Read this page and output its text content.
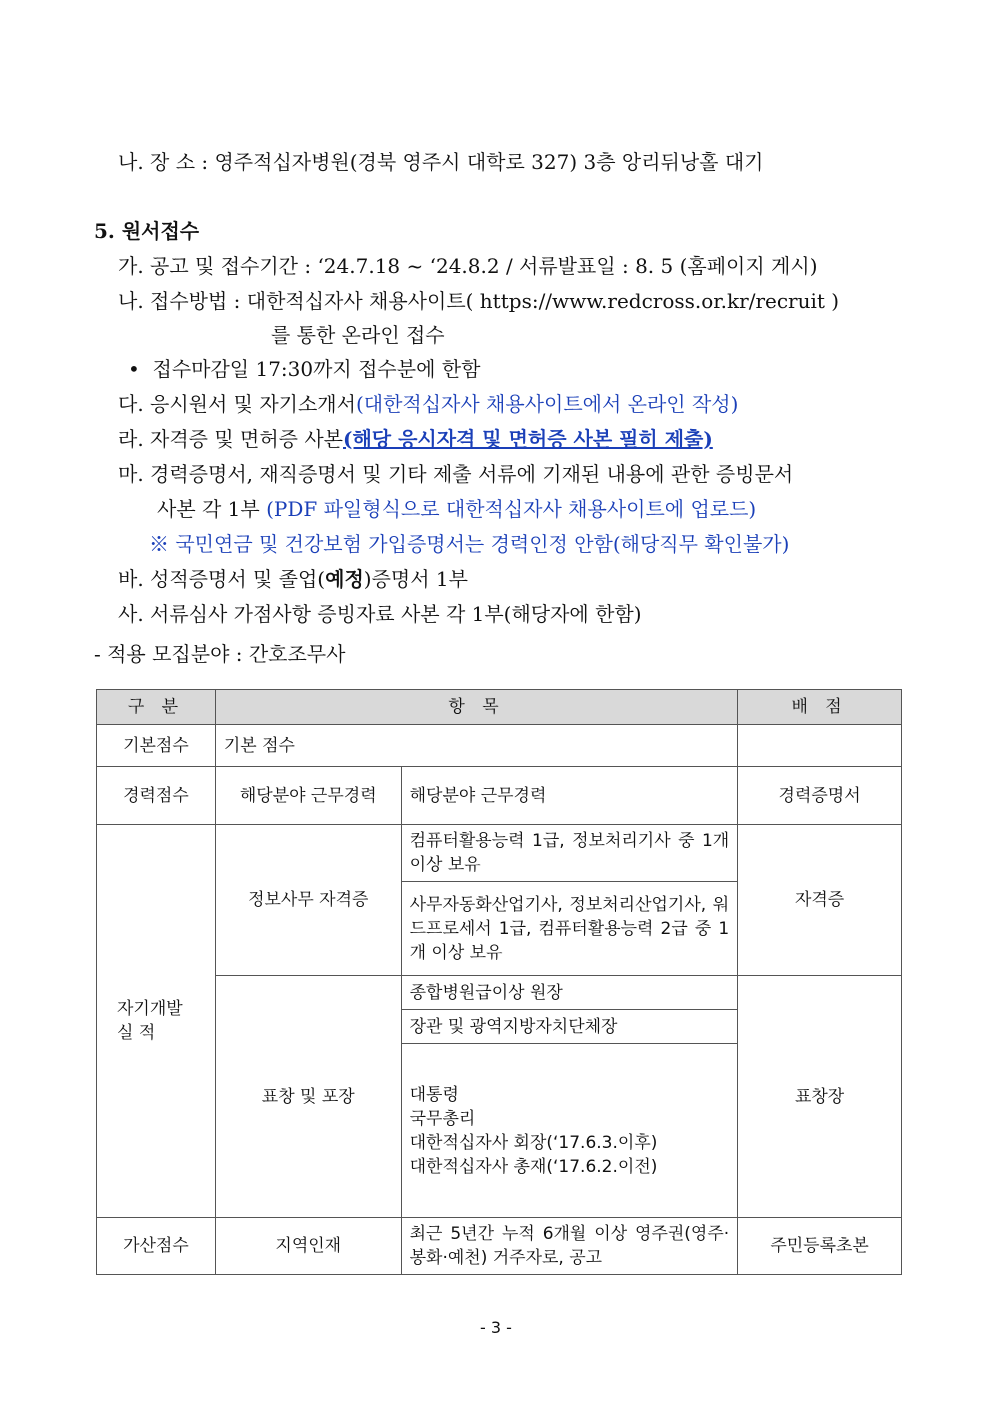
나. 장 소 : 영주적십자병원(경북 영주시 대학로 327) 3층 앙리뒤낭홀 대기
5. 원서접수
가. 공고 및 접수기간 : ‘24.7.18 ~ ‘24.8.2 / 서류발표일 : 8. 5 (홈페이지 게시)
나. 접수방법 : 대한적십자사 채용사이트( https://www.redcross.or.kr/recruit )
를 통한 온라인 접수
• 접수마감일 17:30까지 접수분에 한함
다. 응시원서 및 자기소개서(대한적십자사 채용사이트에서 온라인 작성)
라. 자격증 및 면허증 사본(해당 응시자격 및 면허증 사본 필히 제출)
마. 경력증명서, 재직증명서 및 기타 제출 서류에 기재된 내용에 관한 증빙문서
사본 각 1부 (PDF 파일형식으로 대한적십자사 채용사이트에 업로드)
※ 국민연금 및 건강보험 가입증명서는 경력인정 안함(해당직무 확인불가)
바. 성적증명서 및 졸업(예정)증명서 1부
사. 서류심사 가점사항 증빙자료 사본 각 1부(해당자에 한함)
- 적용 모집분야 : 간호조무사
구 분	항 목		배 점
기본점수	기본 점수		
경력점수	해당분야 근무경력	해당분야 근무경력	경력증명서
자기개발
실 적	정보사무 자격증	컴퓨터활용능력 1급, 정보처리기사 중 1개 이상 보유	자격증
		사무자동화산업기사, 정보처리산업기사, 워드프로세서 1급, 컴퓨터활용능력 2급 중 1개 이상 보유	
	표창 및 포장	종합병원급이상 원장	표창장
		장관 및 광역지방자치단체장	
		대통령
국무총리
대한적십자사 회장(‘17.6.3.이후)
대한적십자사 총재(‘17.6.2.이전)	
가산점수	지역인재	최근 5년간 누적 6개월 이상 영주권(영주·봉화·예천) 거주자로, 공고	주민등록초본
- 3 -
